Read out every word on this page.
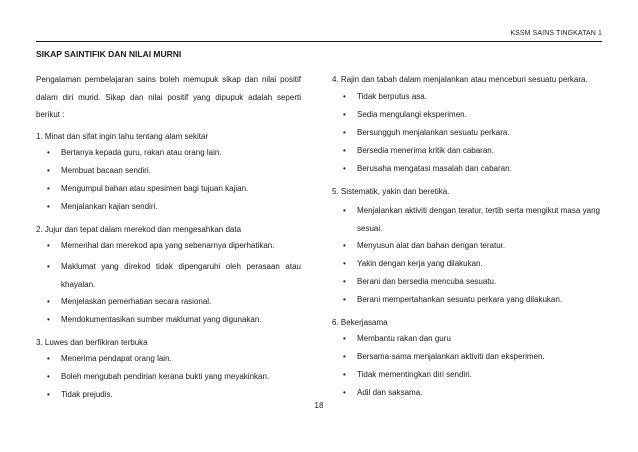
KSSM SAINS TINGKATAN 1
SIKAP SAINTIFIK DAN NILAI MURNI

Pengalaman pembelajaran sains boleh memupuk sikap dan nilai positif dalam diri murid. Sikap dan nilai positif yang dipupuk adalah seperti berikut :

1. Minat dan sifat ingin tahu tentang alam sekitar
• Bertanya kepada guru, rakan atau orang lain.
• Membuat bacaan sendiri.
• Mengumpul bahan atau spesimen bagi tujuan kajian.
• Menjalankan kajian sendiri.
2. Jujur dan tepat dalam merekod dan mengesahkan data
• Memerihal dan merekod apa yang sebenarnya diperhatikan.
• Maklumat yang direkod tidak dipengaruhi oleh perasaan atau khayalan.
• Menjelaskan pemerhatian secara rasional.
• Mendokumentasikan sumber maklumat yang digunakan.
3. Luwes dan berfikiran terbuka
• Menerima pendapat orang lain.
• Boleh mengubah pendirian kerana bukti yang meyakinkan.
• Tidak prejudis.
4. Rajin dan tabah dalam menjalankan atau menceburi sesuatu perkara.
• Tidak berputus asa.
• Sedia mengulangi eksperimen.
• Bersungguh menjalankan sesuatu perkara.
• Bersedia menerima kritik dan cabaran.
• Berusaha mengatasi masalah dan cabaran.
5. Sistematik, yakin dan beretika.
• Menjalankan aktiviti dengan teratur, tertib serta mengikut masa yang sesuai.
• Menyusun alat dan bahan dengan teratur.
• Yakin dengan kerja yang dilakukan.
• Berani dan bersedia mencuba sesuatu.
• Berani mempertahankan sesuatu perkara yang dilakukan.
6. Bekerjasama
• Membantu rakan dan guru
• Bersama-sama menjalankan aktiviti dan eksperimen.
• Tidak mementingkan diri sendiri.
• Adil dan saksama.
18
